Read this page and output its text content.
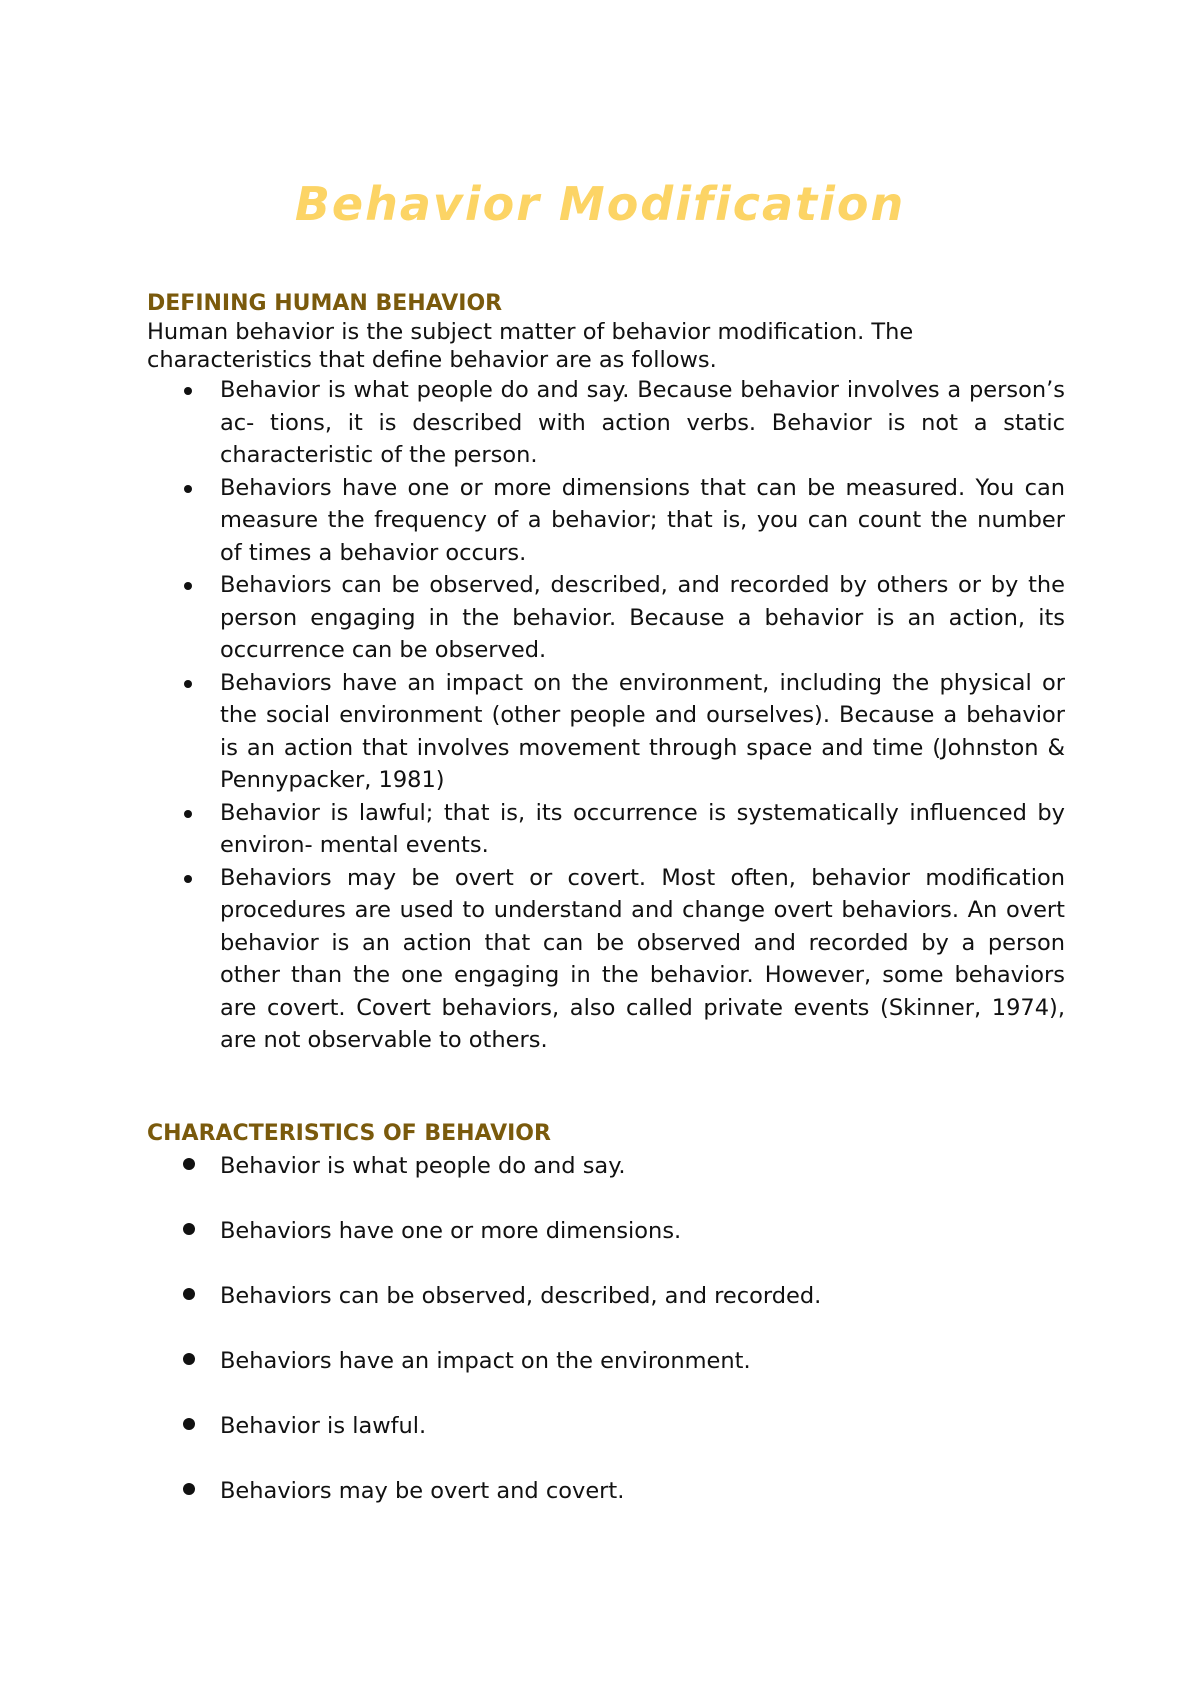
Behavior Modification
DEFINING HUMAN BEHAVIOR

Human behavior is the subject matter of behavior modification. The characteristics that define behavior are as follows.

Behavior is what people do and say. Because behavior involves a person’s ac- tions, it is described with action verbs. Behavior is not a static characteristic of the person.
Behaviors have one or more dimensions that can be measured. You can measure the frequency of a behavior; that is, you can count the number of times a behavior occurs.
Behaviors can be observed, described, and recorded by others or by the person engaging in the behavior. Because a behavior is an action, its occurrence can be observed.
Behaviors have an impact on the environment, including the physical or the social environment (other people and ourselves). Because a behavior is an action that involves movement through space and time (Johnston & Pennypacker, 1981)
Behavior is lawful; that is, its occurrence is systematically influenced by environ- mental events.
Behaviors may be overt or covert. Most often, behavior modification procedures are used to understand and change overt behaviors. An overt behavior is an action that can be observed and recorded by a person other than the one engaging in the behavior. However, some behaviors are covert. Covert behaviors, also called private events (Skinner, 1974), are not observable to others.
CHARACTERISTICS OF BEHAVIOR
Behavior is what people do and say.
Behaviors have one or more dimensions.
Behaviors can be observed, described, and recorded.
Behaviors have an impact on the environment.
Behavior is lawful.
Behaviors may be overt and covert.
